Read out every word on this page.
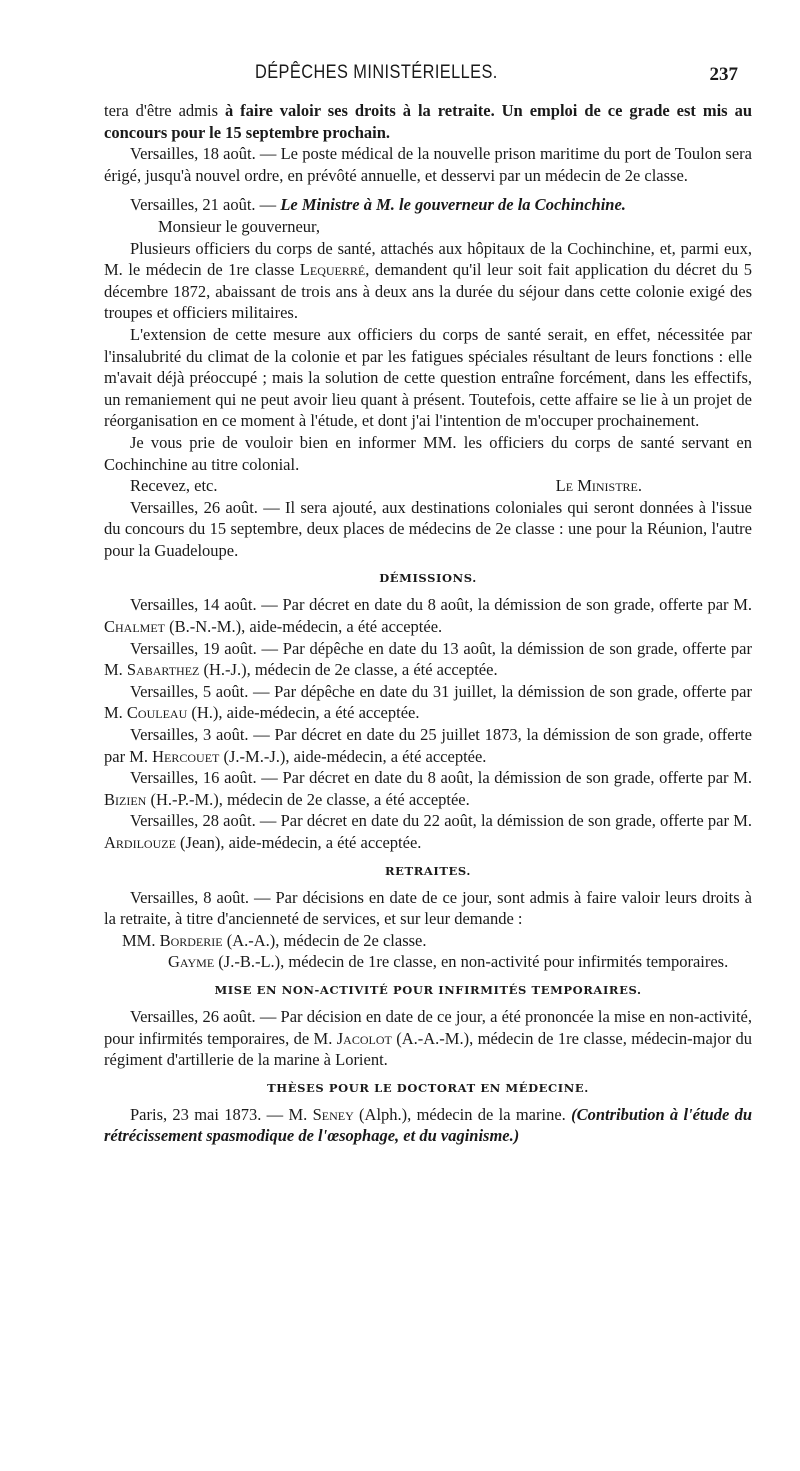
DÉPÊCHES MINISTÉRIELLES.	237

tera d'être admis à faire valoir ses droits à la retraite. Un emploi de ce grade est mis au concours pour le 15 septembre prochain.

Versailles, 18 août. — Le poste médical de la nouvelle prison maritime du port de Toulon sera érigé, jusqu'à nouvel ordre, en prévôté annuelle, et desservi par un médecin de 2e classe.

Versailles, 21 août. — Le Ministre à M. le gouverneur de la Cochinchine.

Monsieur le gouverneur,

Plusieurs officiers du corps de santé, attachés aux hôpitaux de la Cochinchine, et, parmi eux, M. le médecin de 1re classe Lequerré, demandent qu'il leur soit fait application du décret du 5 décembre 1872, abaissant de trois ans à deux ans la durée du séjour dans cette colonie exigé des troupes et officiers militaires.

L'extension de cette mesure aux officiers du corps de santé serait, en effet, nécessitée par l'insalubrité du climat de la colonie et par les fatigues spéciales résultant de leurs fonctions : elle m'avait déjà préoccupé ; mais la solution de cette question entraîne forcément, dans les effectifs, un remaniement qui ne peut avoir lieu quant à présent. Toutefois, cette affaire se lie à un projet de réorganisation en ce moment à l'étude, et dont j'ai l'intention de m'occuper prochainement.

Je vous prie de vouloir bien en informer MM. les officiers du corps de santé servant en Cochinchine au titre colonial.

Recevez, etc.	Le Ministre.

Versailles, 26 août. — Il sera ajouté, aux destinations coloniales qui seront données à l'issue du concours du 15 septembre, deux places de médecins de 2e classe : une pour la Réunion, l'autre pour la Guadeloupe.

DÉMISSIONS.

Versailles, 14 août. — Par décret en date du 8 août, la démission de son grade, offerte par M. Chalmet (B.-N.-M.), aide-médecin, a été acceptée.

Versailles, 19 août. — Par dépêche en date du 13 août, la démission de son grade, offerte par M. Sabarthez (H.-J.), médecin de 2e classe, a été acceptée.

Versailles, 5 août. — Par dépêche en date du 31 juillet, la démission de son grade, offerte par M. Couleau (H.), aide-médecin, a été acceptée.

Versailles, 3 août. — Par décret en date du 25 juillet 1873, la démission de son grade, offerte par M. Hercouet (J.-M.-J.), aide-médecin, a été acceptée.

Versailles, 16 août. — Par décret en date du 8 août, la démission de son grade, offerte par M. Bizien (H.-P.-M.), médecin de 2e classe, a été acceptée.

Versailles, 28 août. — Par décret en date du 22 août, la démission de son grade, offerte par M. Ardilouze (Jean), aide-médecin, a été acceptée.

RETRAITES.

Versailles, 8 août. — Par décisions en date de ce jour, sont admis à faire valoir leurs droits à la retraite, à titre d'ancienneté de services, et sur leur demande :

MM. Borderie (A.-A.), médecin de 2e classe.

Gayme (J.-B.-L.), médecin de 1re classe, en non-activité pour infirmités temporaires.

MISE EN NON-ACTIVITÉ POUR INFIRMITÉS TEMPORAIRES.

Versailles, 26 août. — Par décision en date de ce jour, a été prononcée la mise en non-activité, pour infirmités temporaires, de M. Jacolot (A.-A.-M.), médecin de 1re classe, médecin-major du régiment d'artillerie de la marine à Lorient.

THÈSES POUR LE DOCTORAT EN MÉDECINE.

Paris, 23 mai 1873. — M. Seney (Alph.), médecin de la marine. (Contribution à l'étude du rétrécissement spasmodique de l'œsophage, et du vaginisme.)
